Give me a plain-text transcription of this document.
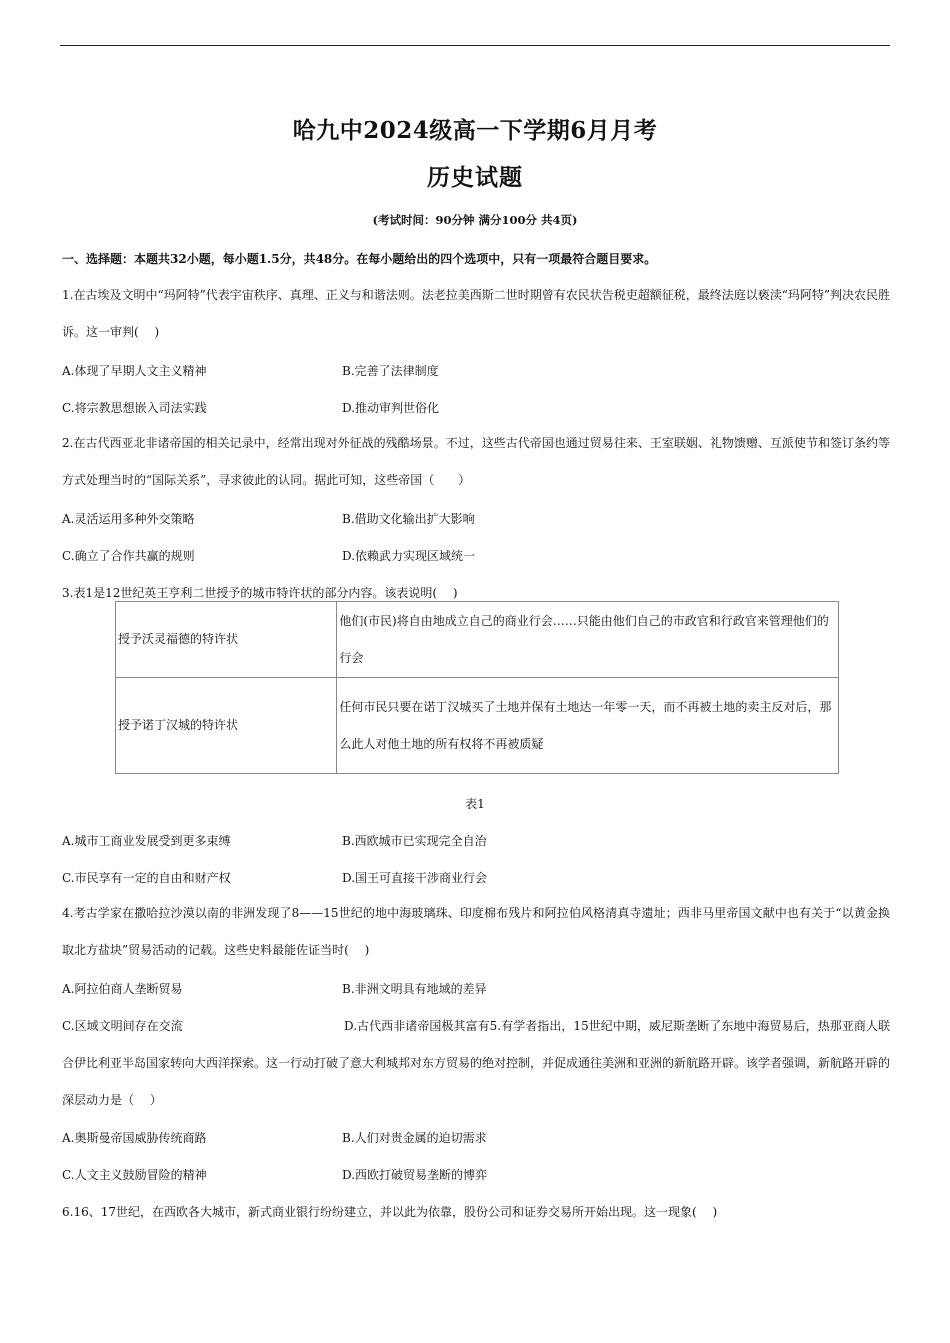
哈九中2024级高一下学期6月月考
历史试题
(考试时间：90分钟 满分100分 共4页)
一、选择题：本题共32小题，每小题1.5分，共48分。在每小题给出的四个选项中，只有一项最符合题目要求。
1.在古埃及文明中“玛阿特”代表宇宙秩序、真理、正义与和谐法则。法老拉美西斯二世时期曾有农民状告税吏超额征税，最终法庭以亵渎“玛阿特”判决农民胜诉。这一审判(　 )
A.体现了早期人文主义精神	B.完善了法律制度
C.将宗教思想嵌入司法实践	D.推动审判世俗化
2.在古代西亚北非诸帝国的相关记录中，经常出现对外征战的残酷场景。不过，这些古代帝国也通过贸易往来、王室联姻、礼物馈赠、互派使节和签订条约等方式处理当时的“国际关系”，寻求彼此的认同。据此可知，这些帝国（　　）
A.灵活运用多种外交策略	B.借助文化输出扩大影响
C.确立了合作共赢的规则	D.依赖武力实现区域统一
3.表1是12世纪英王亨利二世授予的城市特许状的部分内容。该表说明(　 )
授予沃灵福德的特许状	他们(市民)将自由地成立自己的商业行会……只能由他们自己的市政官和行政官来管理他们的行会
授予诺丁汉城的特许状	任何市民只要在诺丁汉城买了土地并保有土地达一年零一天，而不再被土地的卖主反对后，那么此人对他土地的所有权将不再被质疑
表1
A.城市工商业发展受到更多束缚	B.西欧城市已实现完全自治
C.市民享有一定的自由和财产权	D.国王可直接干涉商业行会
4.考古学家在撒哈拉沙漠以南的非洲发现了8——15世纪的地中海玻璃珠、印度棉布残片和阿拉伯风格清真寺遗址；西非马里帝国文献中也有关于“以黄金换取北方盐块”贸易活动的记载。这些史料最能佐证当时(　 )
A.阿拉伯商人垄断贸易	B.非洲文明具有地域的差异
C.区域文明间存在交流	D.古代西非诸帝国极其富有5.有学者指出，15世纪中期，威尼斯垄断了东地中海贸易后，热那亚商人联合伊比利亚半岛国家转向大西洋探索。这一行动打破了意大利城邦对东方贸易的绝对控制，并促成通往美洲和亚洲的新航路开辟。该学者强调，新航路开辟的深层动力是（　 ）
A.奥斯曼帝国威胁传统商路	B.人们对贵金属的迫切需求
C.人文主义鼓励冒险的精神	D.西欧打破贸易垄断的博弈
6.16、17世纪，在西欧各大城市，新式商业银行纷纷建立，并以此为依靠，股份公司和证券交易所开始出现。这一现象(　 )
